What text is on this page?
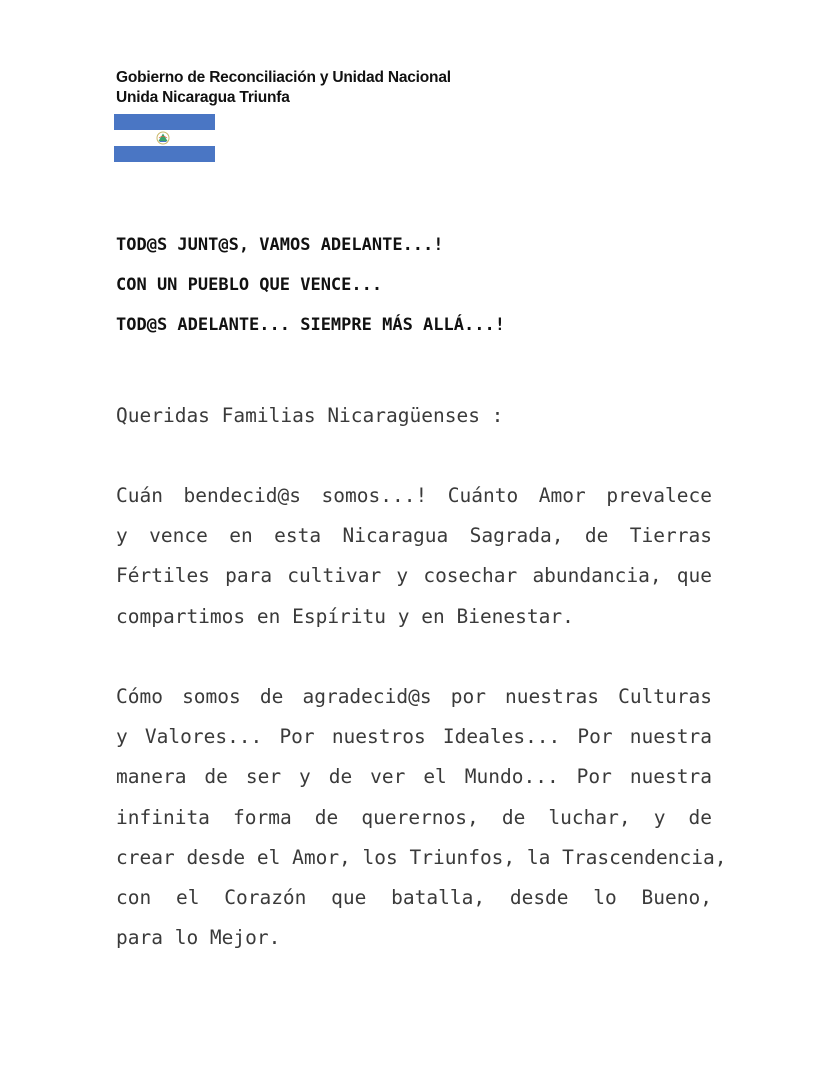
Gobierno de Reconciliación y Unidad Nacional
Unida Nicaragua Triunfa
TOD@S JUNT@S, VAMOS ADELANTE...!
CON UN PUEBLO QUE VENCE...
TOD@S ADELANTE... SIEMPRE MÁS ALLÁ...!
Queridas Familias Nicaragüenses :
Cuán bendecid@s somos...! Cuánto Amor prevalece
y vence en esta Nicaragua Sagrada, de Tierras
Fértiles para cultivar y cosechar abundancia, que
compartimos en Espíritu y en Bienestar.
Cómo somos de agradecid@s por nuestras Culturas
y Valores... Por nuestros Ideales... Por nuestra
manera de ser y de ver el Mundo... Por nuestra
infinita forma de querernos, de luchar, y de
crear desde el Amor, los Triunfos, la Trascendencia,
con el Corazón que batalla, desde lo Bueno,
para lo Mejor.
